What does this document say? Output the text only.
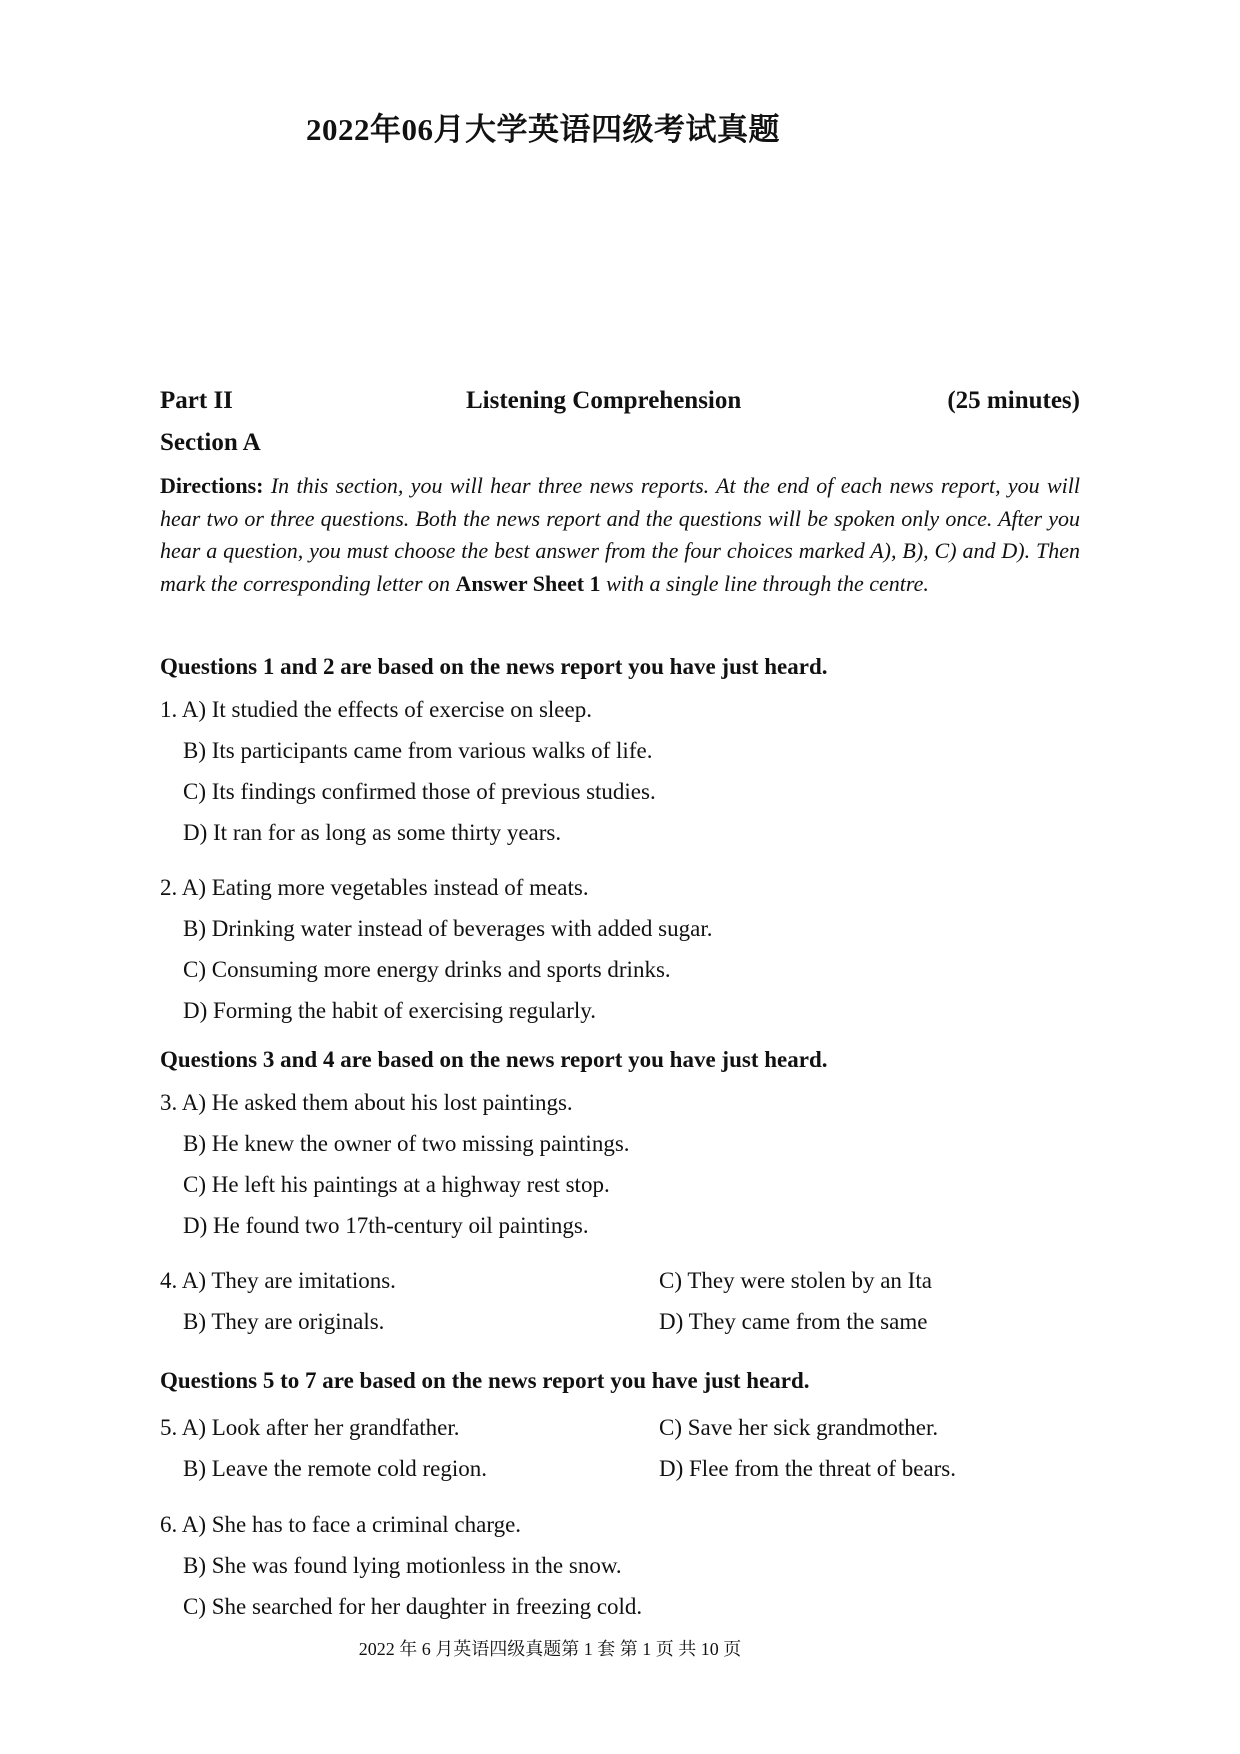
2022年06月大学英语四级考试真题
Part II	Listening Comprehension	(25 minutes)
Section A
Directions: In this section, you will hear three news reports. At the end of each news report, you will hear two or three questions. Both the news report and the questions will be spoken only once. After you hear a question, you must choose the best answer from the four choices marked A), B), C) and D). Then mark the corresponding letter on Answer Sheet 1 with a single line through the centre.
Questions 1 and 2 are based on the news report you have just heard.
1. A) It studied the effects of exercise on sleep.
B) Its participants came from various walks of life.
C) Its findings confirmed those of previous studies.
D) It ran for as long as some thirty years.
2. A) Eating more vegetables instead of meats.
B) Drinking water instead of beverages with added sugar.
C) Consuming more energy drinks and sports drinks.
D) Forming the habit of exercising regularly.
Questions 3 and 4 are based on the news report you have just heard.
3. A) He asked them about his lost paintings.
B) He knew the owner of two missing paintings.
C) He left his paintings at a highway rest stop.
D) He found two 17th-century oil paintings.
4. A) They are imitations.
B) They are originals.
C) They were stolen by an Ita
D) They came from the same
Questions 5 to 7 are based on the news report you have just heard.
5. A) Look after her grandfather.
B) Leave the remote cold region.
C) Save her sick grandmother.
D) Flee from the threat of bears.
6. A) She has to face a criminal charge.
B) She was found lying motionless in the snow.
C) She searched for her daughter in freezing cold.
2022 年 6 月英语四级真题第 1 套 第 1 页 共 10 页
